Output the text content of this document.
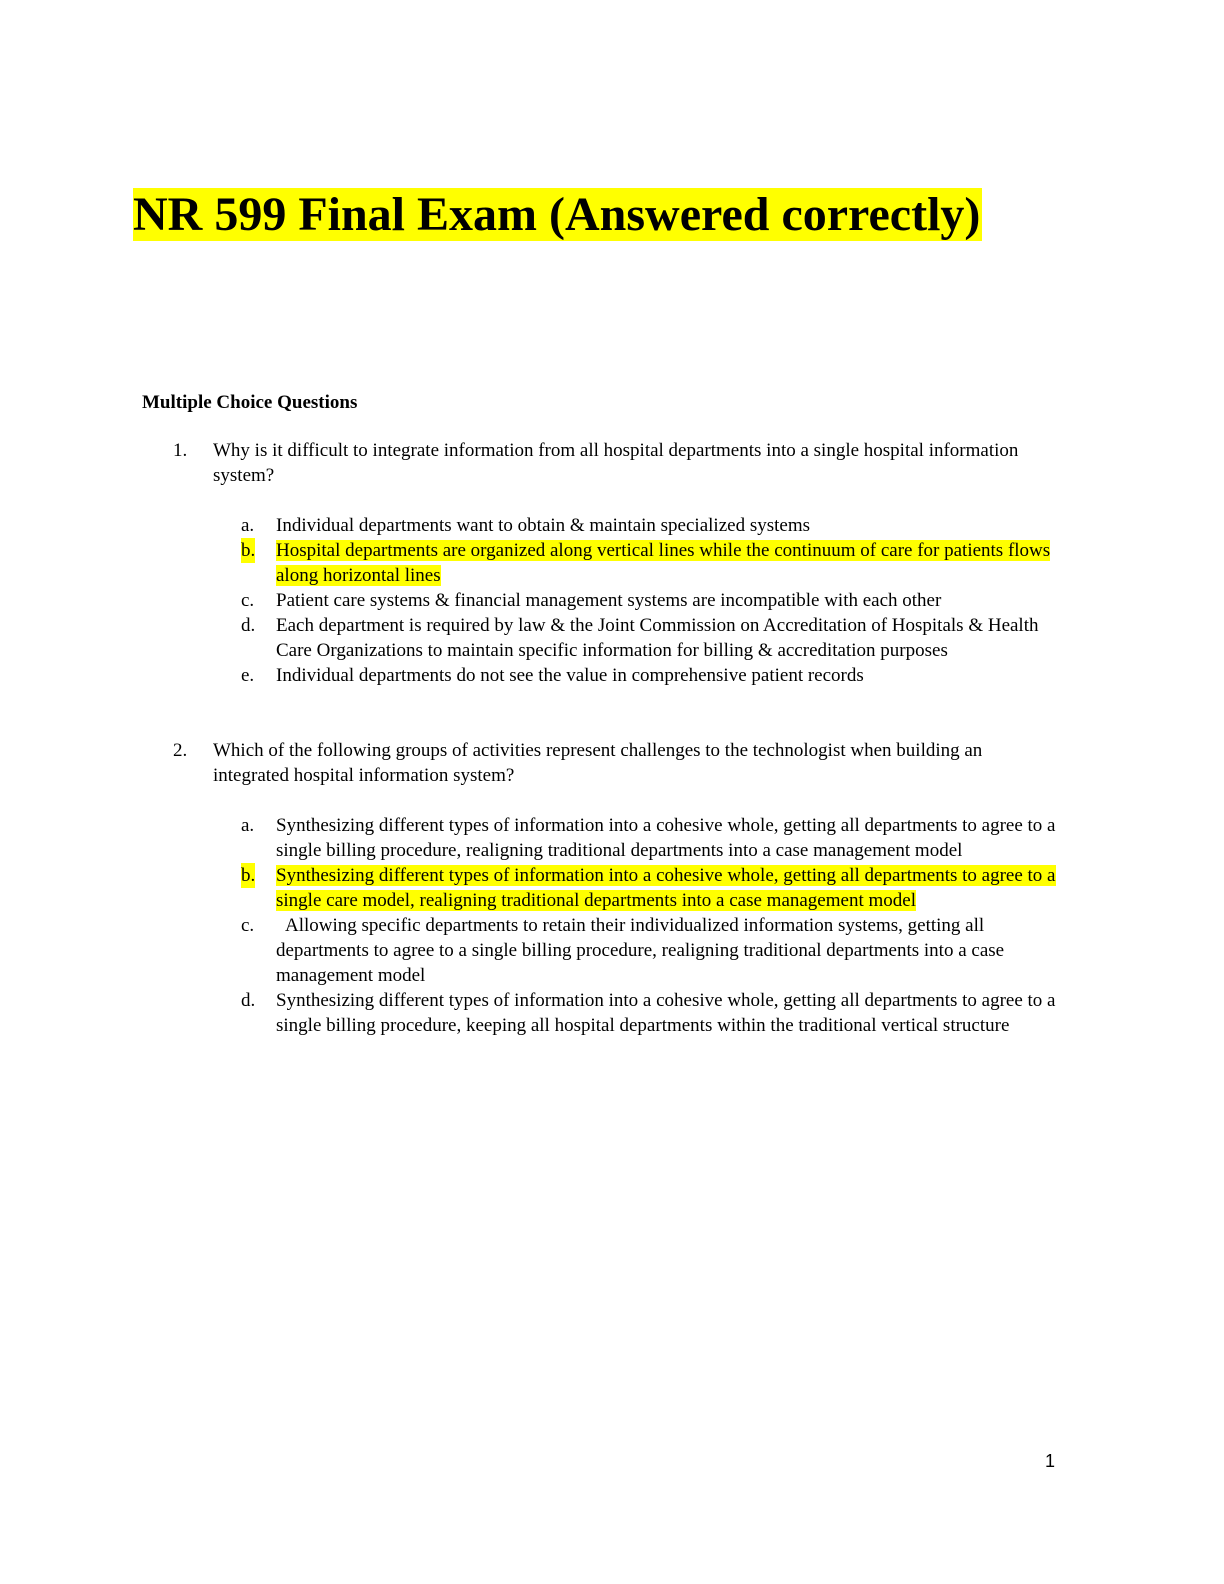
NR 599 Final Exam (Answered correctly)
Multiple Choice Questions
1. Why is it difficult to integrate information from all hospital departments into a single hospital information system?
a. Individual departments want to obtain & maintain specialized systems
b. Hospital departments are organized along vertical lines while the continuum of care for patients flows along horizontal lines
c. Patient care systems & financial management systems are incompatible with each other
d. Each department is required by law & the Joint Commission on Accreditation of Hospitals & Health Care Organizations to maintain specific information for billing & accreditation purposes
e. Individual departments do not see the value in comprehensive patient records
2. Which of the following groups of activities represent challenges to the technologist when building an integrated hospital information system?
a. Synthesizing different types of information into a cohesive whole, getting all departments to agree to a single billing procedure, realigning traditional departments into a case management model
b. Synthesizing different types of information into a cohesive whole, getting all departments to agree to a single care model, realigning traditional departments into a case management model
c. Allowing specific departments to retain their individualized information systems, getting all departments to agree to a single billing procedure, realigning traditional departments into a case management model
d. Synthesizing different types of information into a cohesive whole, getting all departments to agree to a single billing procedure, keeping all hospital departments within the traditional vertical structure
1
